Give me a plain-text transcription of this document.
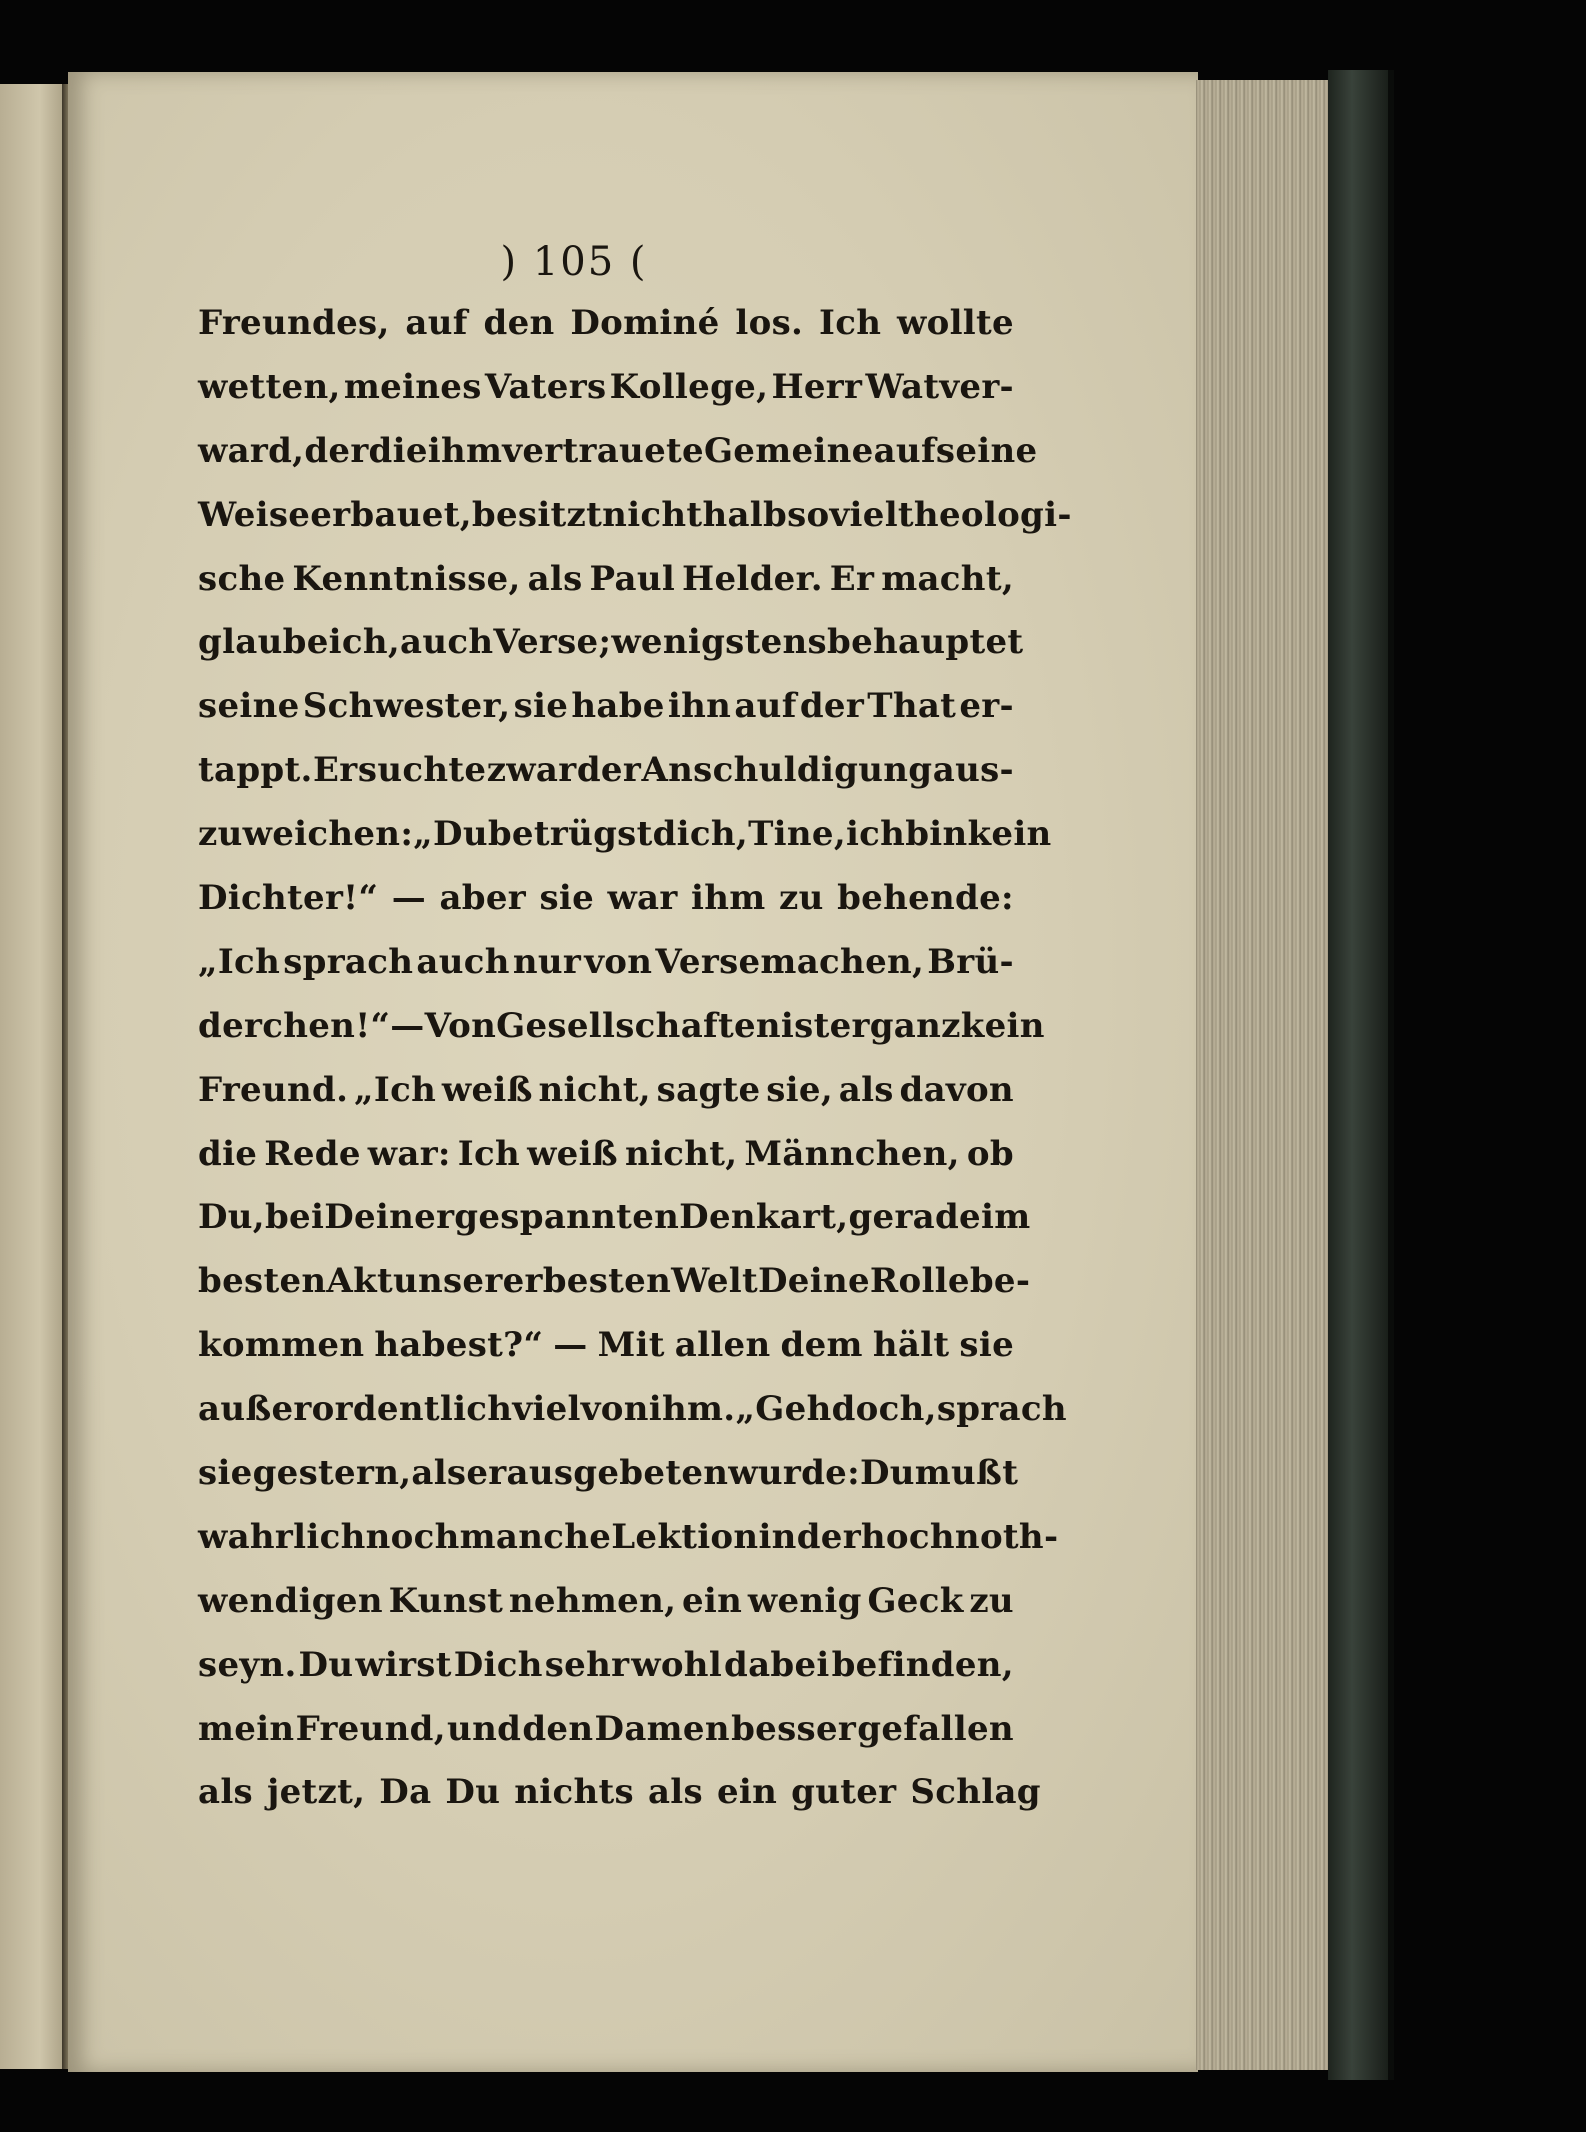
) 105 (
Freundes, auf den Dominé los. Ich wollte
wetten, meines Vaters Kollege, Herr Watver-
ward, der die ihm vertrauete Gemeine auf seine
Weise erbauet, besitzt nicht halb so viel theologi-
sche Kenntnisse, als Paul Helder. Er macht,
glaube ich, auch Verse; wenigstens behauptet
seine Schwester, sie habe ihn auf der That er-
tappt. Er suchte zwar der Anschuldigung aus-
zuweichen: „Du betrügst dich, Tine, ich bin kein
Dichter!“ — aber sie war ihm zu behende:
„Ich sprach auch nur von Versemachen, Brü-
derchen!“ — Von Gesellschaften ist er ganz kein
Freund. „Ich weiß nicht, sagte sie, als davon
die Rede war: Ich weiß nicht, Männchen, ob
Du, bei Deiner gespannten Denkart, gerade im
besten Akt unserer besten Welt Deine Rolle be-
kommen habest?“ — Mit allen dem hält sie
außerordentlich viel von ihm. „Geh doch, sprach
sie gestern, als er ausgebeten wurde: Du mußt
wahrlich noch manche Lektion in der hochnoth-
wendigen Kunst nehmen, ein wenig Geck zu
seyn. Du wirst Dich sehr wohl dabei befinden,
mein Freund, und den Damen besser gefallen
als jetzt, Da Du nichts als ein guter Schlag
